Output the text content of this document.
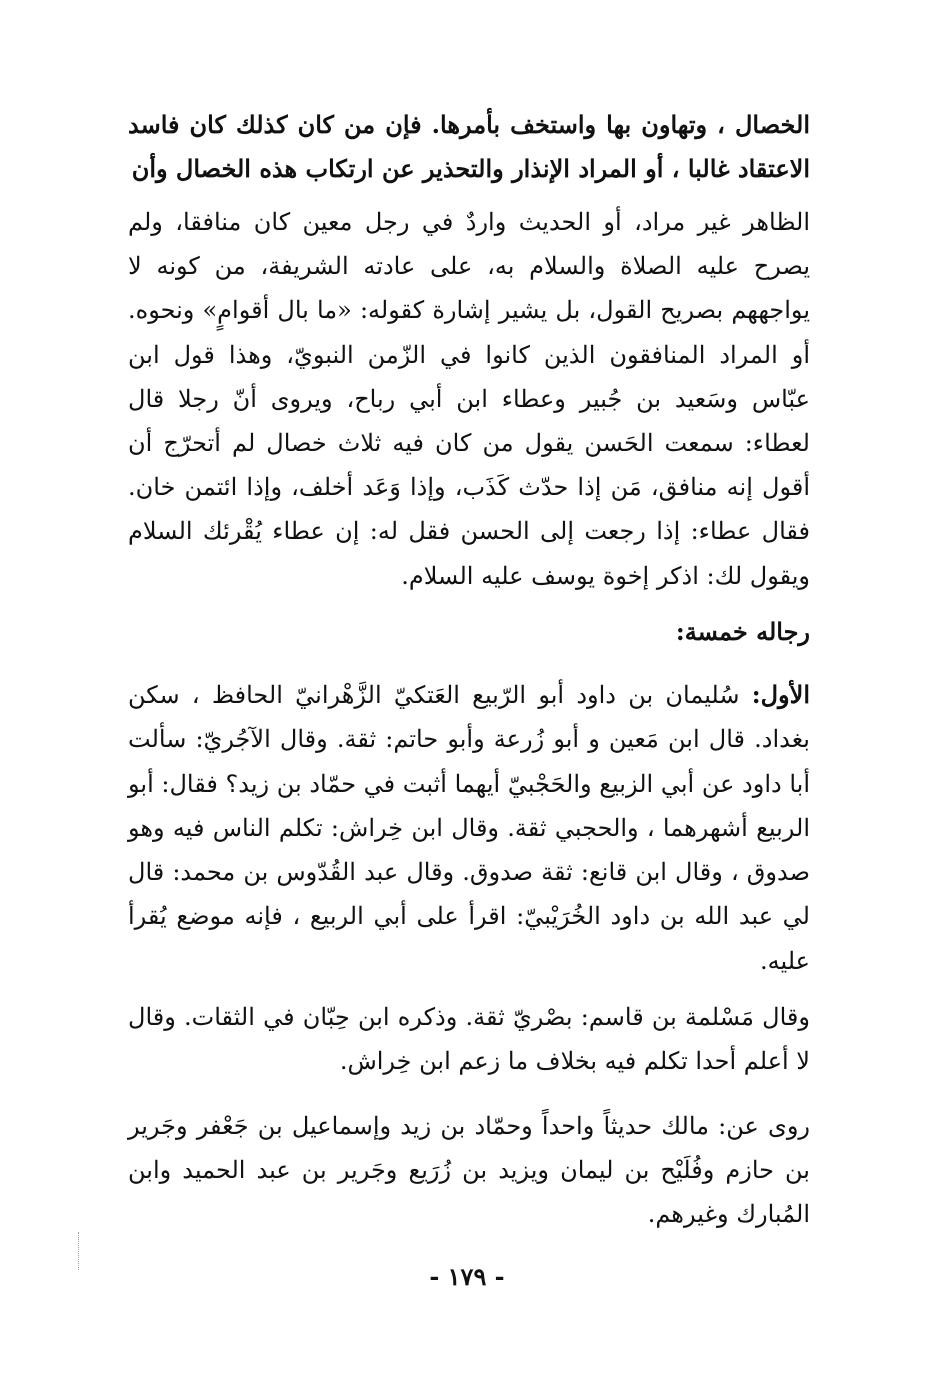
الخصال ، وتهاون بها واستخف بأمرها. فإن من كان كذلك كان فاسد الاعتقاد غالبا ، أو المراد الإنذار والتحذير عن ارتكاب هذه الخصال وأن

الظاهر غير مراد، أو الحديث واردٌ في رجل معين كان منافقا، ولم يصرح عليه الصلاة والسلام به، على عادته الشريفة، من كونه لا يواجههم بصريح القول، بل يشير إشارة كقوله: «ما بال أقوامٍ» ونحوه. أو المراد المنافقون الذين كانوا في الزّمن النبويّ، وهذا قول ابن عبّاس وسَعيد بن جُبير وعطاء ابن أبي رباح، ويروى أنّ رجلا قال لعطاء: سمعت الحَسن يقول من كان فيه ثلاث خصال لم أتحرّج أن أقول إنه منافق، مَن إذا حدّث كَذَب، وإذا وَعَد أخلف، وإذا ائتمن خان. فقال عطاء: إذا رجعت إلى الحسن فقل له: إن عطاء يُقْرئك السلام ويقول لك: اذكر إخوة يوسف عليه السلام.

رجاله خمسة:

الأول: سُليمان بن داود أبو الرّبيع العَتكيّ الزَّهْرانيّ الحافظ ، سكن بغداد. قال ابن مَعين و أبو زُرعة وأبو حاتم: ثقة. وقال الآجُريّ: سألت أبا داود عن أبي الزبيع والحَجْبيّ أيهما أثبت في حمّاد بن زيد؟ فقال: أبو الربيع أشهرهما ، والحجبي ثقة. وقال ابن خِراش: تكلم الناس فيه وهو صدوق ، وقال ابن قانع: ثقة صدوق. وقال عبد القُدّوس بن محمد: قال لي عبد الله بن داود الخُرَيْبيّ: اقرأ على أبي الربيع ، فإنه موضع يُقرأ عليه.

وقال مَسْلمة بن قاسم: بصْريّ ثقة. وذكره ابن حِبّان في الثقات. وقال لا أعلم أحدا تكلم فيه بخلاف ما زعم ابن خِراش.

روى عن: مالك حديثاً واحداً وحمّاد بن زيد وإسماعيل بن جَعْفر وجَرير بن حازم وفُلَيْح بن ليمان ويزيد بن زُرَيع وجَرير بن عبد الحميد وابن المُبارك وغيرهم.

- ١٧٩ -
